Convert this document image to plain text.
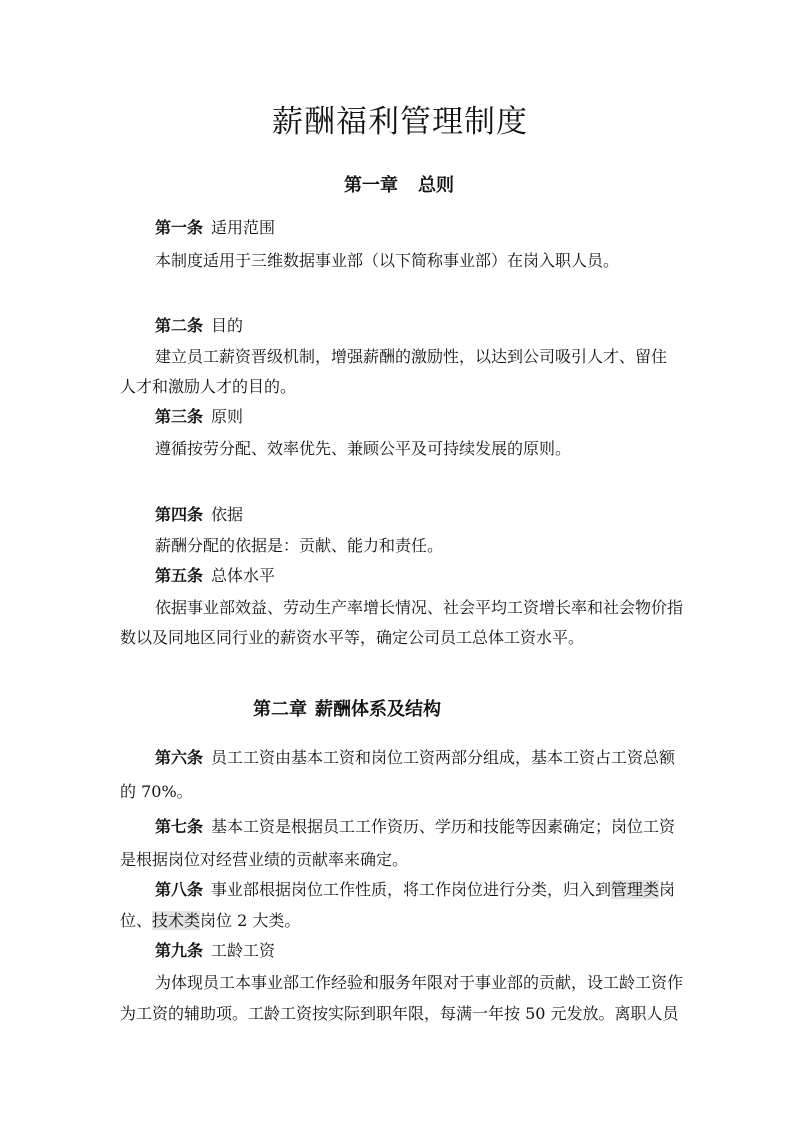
薪酬福利管理制度
第一章 总则
第一条 适用范围
本制度适用于三维数据事业部（以下简称事业部）在岗入职人员。
第二条 目的
建立员工薪资晋级机制，增强薪酬的激励性，以达到公司吸引人才、留住
人才和激励人才的目的。
第三条 原则
遵循按劳分配、效率优先、兼顾公平及可持续发展的原则。
第四条 依据
薪酬分配的依据是：贡献、能力和责任。
第五条 总体水平
依据事业部效益、劳动生产率增长情况、社会平均工资增长率和社会物价指
数以及同地区同行业的薪资水平等，确定公司员工总体工资水平。
第二章 薪酬体系及结构
第六条 员工工资由基本工资和岗位工资两部分组成，基本工资占工资总额
的 70%。
第七条 基本工资是根据员工工作资历、学历和技能等因素确定；岗位工资
是根据岗位对经营业绩的贡献率来确定。
第八条 事业部根据岗位工作性质，将工作岗位进行分类，归入到管理类岗
位、技术类岗位 2 大类。
第九条 工龄工资
为体现员工本事业部工作经验和服务年限对于事业部的贡献，设工龄工资作
为工资的辅助项。工龄工资按实际到职年限，每满一年按 50 元发放。离职人员
